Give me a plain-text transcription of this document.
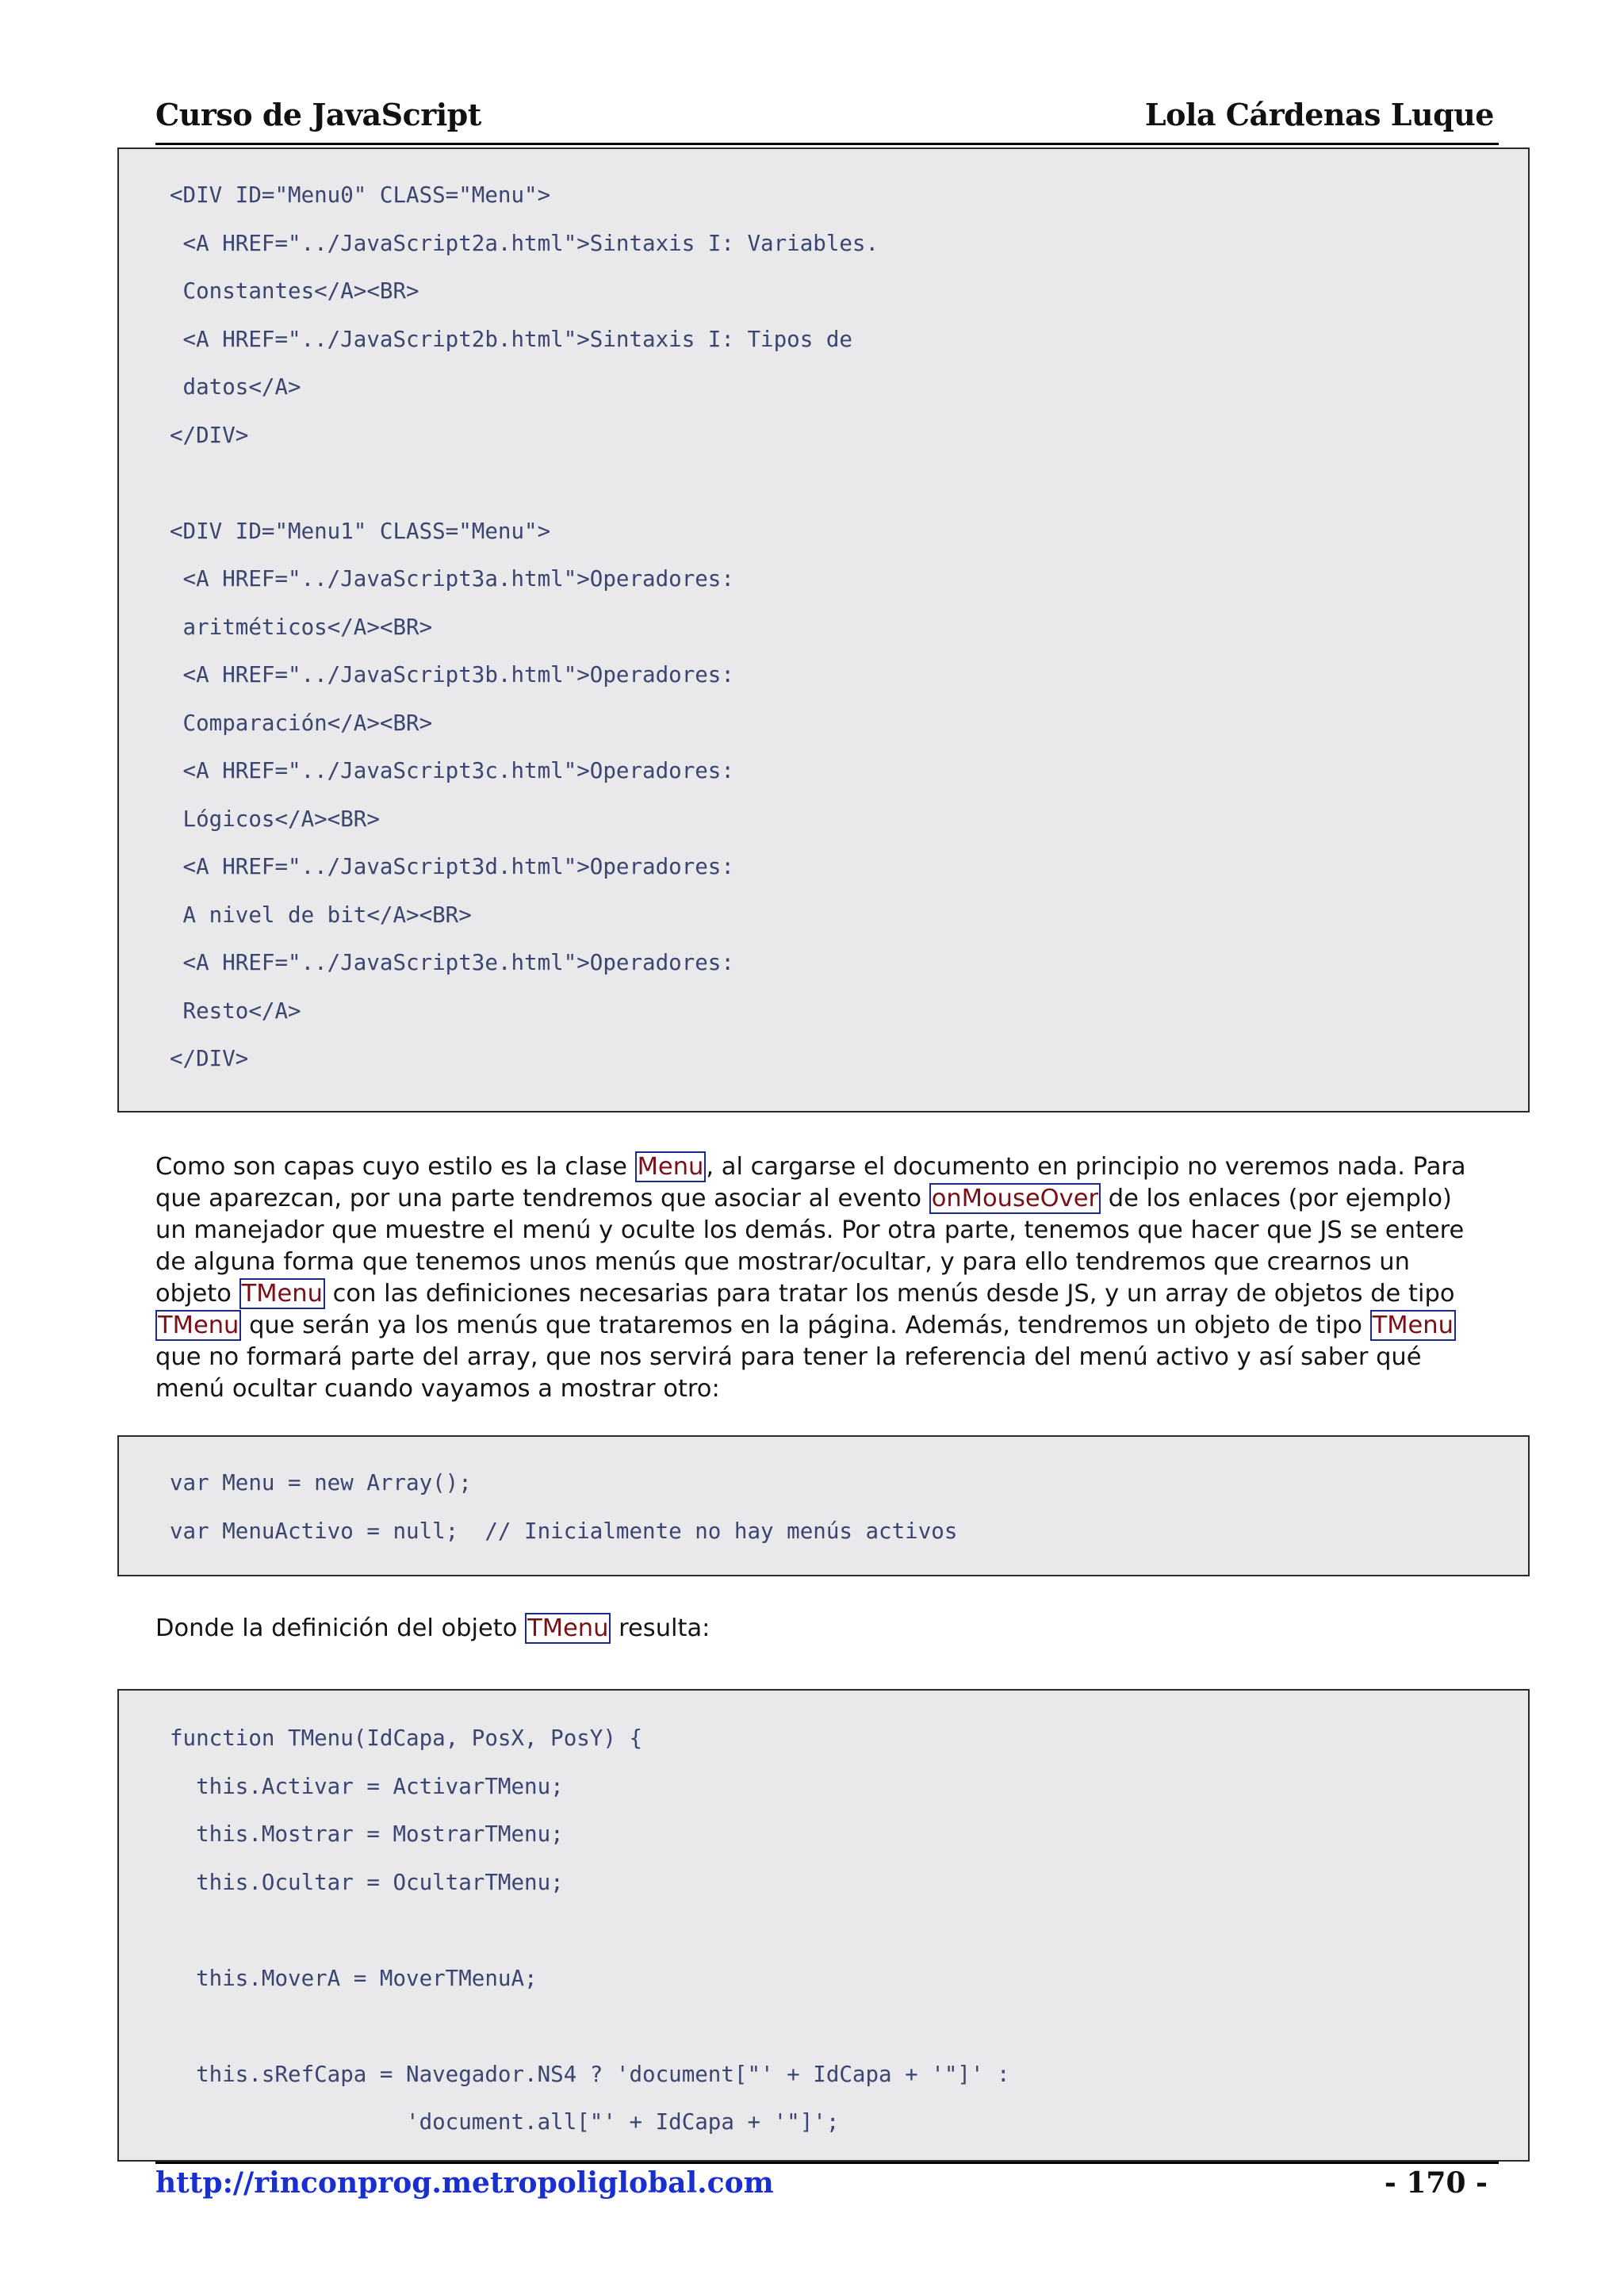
Curso de JavaScript	Lola Cárdenas Luque
<DIV ID="Menu0" CLASS="Menu">
<A HREF="../JavaScript2a.html">Sintaxis I: Variables.
Constantes</A><BR>
<A HREF="../JavaScript2b.html">Sintaxis I: Tipos de
datos</A>
</DIV>
<DIV ID="Menu1" CLASS="Menu">
<A HREF="../JavaScript3a.html">Operadores:
aritméticos</A><BR>
<A HREF="../JavaScript3b.html">Operadores:
Comparación</A><BR>
<A HREF="../JavaScript3c.html">Operadores:
Lógicos</A><BR>
<A HREF="../JavaScript3d.html">Operadores:
A nivel de bit</A><BR>
<A HREF="../JavaScript3e.html">Operadores:
Resto</A>
</DIV>
Como son capas cuyo estilo es la clase Menu, al cargarse el documento en principio no veremos nada. Para
que aparezcan, por una parte tendremos que asociar al evento onMouseOver de los enlaces (por ejemplo)
un manejador que muestre el menú y oculte los demás. Por otra parte, tenemos que hacer que JS se entere
de alguna forma que tenemos unos menús que mostrar/ocultar, y para ello tendremos que crearnos un
objeto TMenu con las definiciones necesarias para tratar los menús desde JS, y un array de objetos de tipo
TMenu que serán ya los menús que trataremos en la página. Además, tendremos un objeto de tipo TMenu
que no formará parte del array, que nos servirá para tener la referencia del menú activo y así saber qué
menú ocultar cuando vayamos a mostrar otro:
var Menu = new Array();
var MenuActivo = null;  // Inicialmente no hay menús activos
Donde la definición del objeto TMenu resulta:
function TMenu(IdCapa, PosX, PosY) {
this.Activar = ActivarTMenu;
this.Mostrar = MostrarTMenu;
this.Ocultar = OcultarTMenu;
this.MoverA = MoverTMenuA;
this.sRefCapa = Navegador.NS4 ? 'document["' + IdCapa + '"]' :
'document.all["' + IdCapa + '"]';
http://rinconprog.metropoliglobal.com	- 170 -
